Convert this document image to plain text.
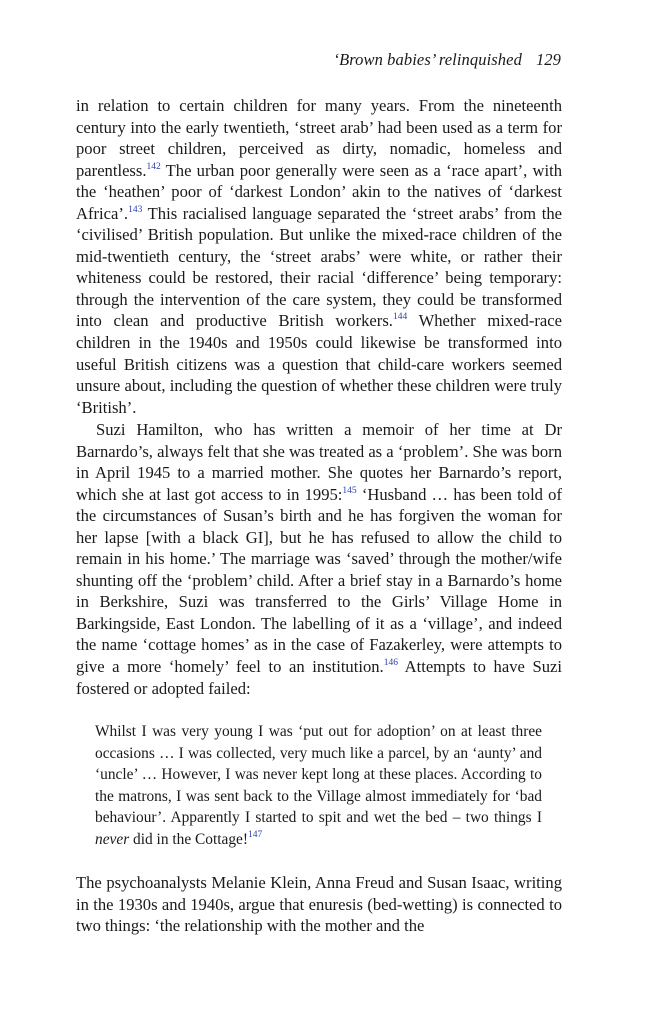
‘Brown babies’ relinquished 129

in relation to certain children for many years. From the nineteenth century into the early twentieth, ‘street arab’ had been used as a term for poor street children, perceived as dirty, nomadic, homeless and parentless.$^{142}$ The urban poor generally were seen as a ‘race apart’, with the ‘heathen’ poor of ‘darkest London’ akin to the natives of ‘darkest Africa’.$^{143}$ This racialised language separated the ‘street arabs’ from the ‘civilised’ British population. But unlike the mixed-race children of the mid-twentieth century, the ‘street arabs’ were white, or rather their whiteness could be restored, their racial ‘difference’ being temporary: through the intervention of the care system, they could be transformed into clean and productive British workers.$^{144}$ Whether mixed-race children in the 1940s and 1950s could likewise be transformed into useful British citizens was a question that child-care workers seemed unsure about, including the question of whether these children were truly ‘British’.

Suzi Hamilton, who has written a memoir of her time at Dr Barnardo’s, always felt that she was treated as a ‘problem’. She was born in April 1945 to a married mother. She quotes her Barnardo’s report, which she at last got access to in 1995:$^{145}$ ‘Husband … has been told of the circumstances of Susan’s birth and he has forgiven the woman for her lapse [with a black GI], but he has refused to allow the child to remain in his home.’ The marriage was ‘saved’ through the mother/wife shunting off the ‘problem’ child. After a brief stay in a Barnardo’s home in Berkshire, Suzi was transferred to the Girls’ Village Home in Barkingside, East London. The labelling of it as a ‘village’, and indeed the name ‘cottage homes’ as in the case of Fazakerley, were attempts to give a more ‘homely’ feel to an institution.$^{146}$ Attempts to have Suzi fostered or adopted failed:

Whilst I was very young I was ‘put out for adoption’ on at least three occasions … I was collected, very much like a parcel, by an ‘aunty’ and ‘uncle’ … However, I was never kept long at these places. According to the matrons, I was sent back to the Village almost immediately for ‘bad behaviour’. Apparently I started to spit and wet the bed – two things I never did in the Cottage!$^{147}$

The psychoanalysts Melanie Klein, Anna Freud and Susan Isaac, writing in the 1930s and 1940s, argue that enuresis (bed-wetting) is connected to two things: ‘the relationship with the mother and the
